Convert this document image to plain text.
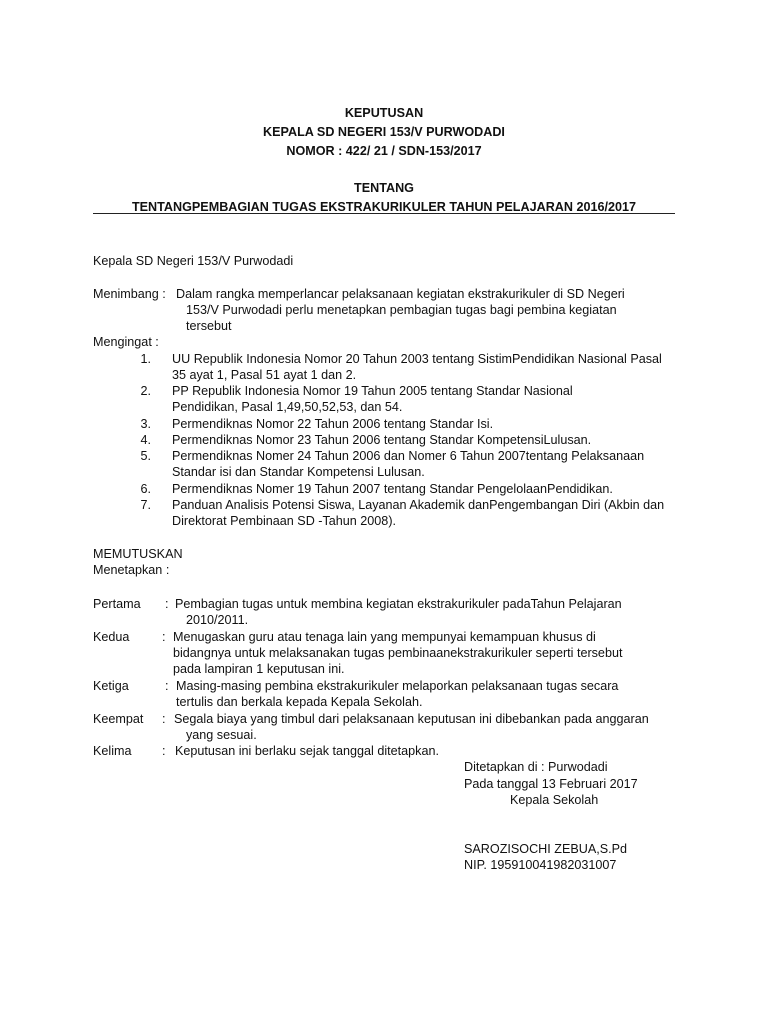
KEPUTUSAN
KEPALA SD NEGERI 153/V PURWODADI
NOMOR : 422/ 21 / SDN-153/2017
TENTANG
TENTANGPEMBAGIAN TUGAS EKSTRAKURIKULER TAHUN PELAJARAN 2016/2017
Kepala SD Negeri 153/V Purwodadi
Menimbang : Dalam rangka memperlancar pelaksanaan kegiatan ekstrakurikuler di SD Negeri
153/V Purwodadi perlu menetapkan pembagian tugas bagi pembina kegiatan
tersebut
Mengingat :
1. UU Republik Indonesia Nomor 20 Tahun 2003 tentang SistimPendidikan Nasional Pasal
35 ayat 1, Pasal 51 ayat 1 dan 2.
2. PP Republik Indonesia Nomor 19 Tahun 2005 tentang Standar Nasional
Pendidikan, Pasal 1,49,50,52,53, dan 54.
3. Permendiknas Nomor 22 Tahun 2006 tentang Standar Isi.
4. Permendiknas Nomor 23 Tahun 2006 tentang Standar KompetensiLulusan.
5. Permendiknas Nomer 24 Tahun 2006 dan Nomer 6 Tahun 2007tentang Pelaksanaan
Standar isi dan Standar Kompetensi Lulusan.
6. Permendiknas Nomer 19 Tahun 2007 tentang Standar PengelolaanPendidikan.
7. Panduan Analisis Potensi Siswa, Layanan Akademik danPengembangan Diri (Akbin dan
Direktorat Pembinaan SD -Tahun 2008).
MEMUTUSKAN
Menetapkan :
Pertama : Pembagian tugas untuk membina kegiatan ekstrakurikuler padaTahun Pelajaran
2010/2011.
Kedua	: Menugaskan guru atau tenaga lain yang mempunyai kemampuan khusus di
bidangnya untuk melaksanakan tugas pembinaanekstrakurikuler seperti tersebut
pada lampiran 1 keputusan ini.
Ketiga	: Masing-masing pembina ekstrakurikuler melaporkan pelaksanaan tugas secara
tertulis dan berkala kepada Kepala Sekolah.
Keempat : Segala biaya yang timbul dari pelaksanaan keputusan ini dibebankan pada anggaran
yang sesuai.
Kelima : Keputusan ini berlaku sejak tanggal ditetapkan.
Ditetapkan di : Purwodadi
Pada tanggal 13 Februari 2017
Kepala Sekolah
SAROZISOCHI ZEBUA,S.Pd
NIP. 195910041982031007
